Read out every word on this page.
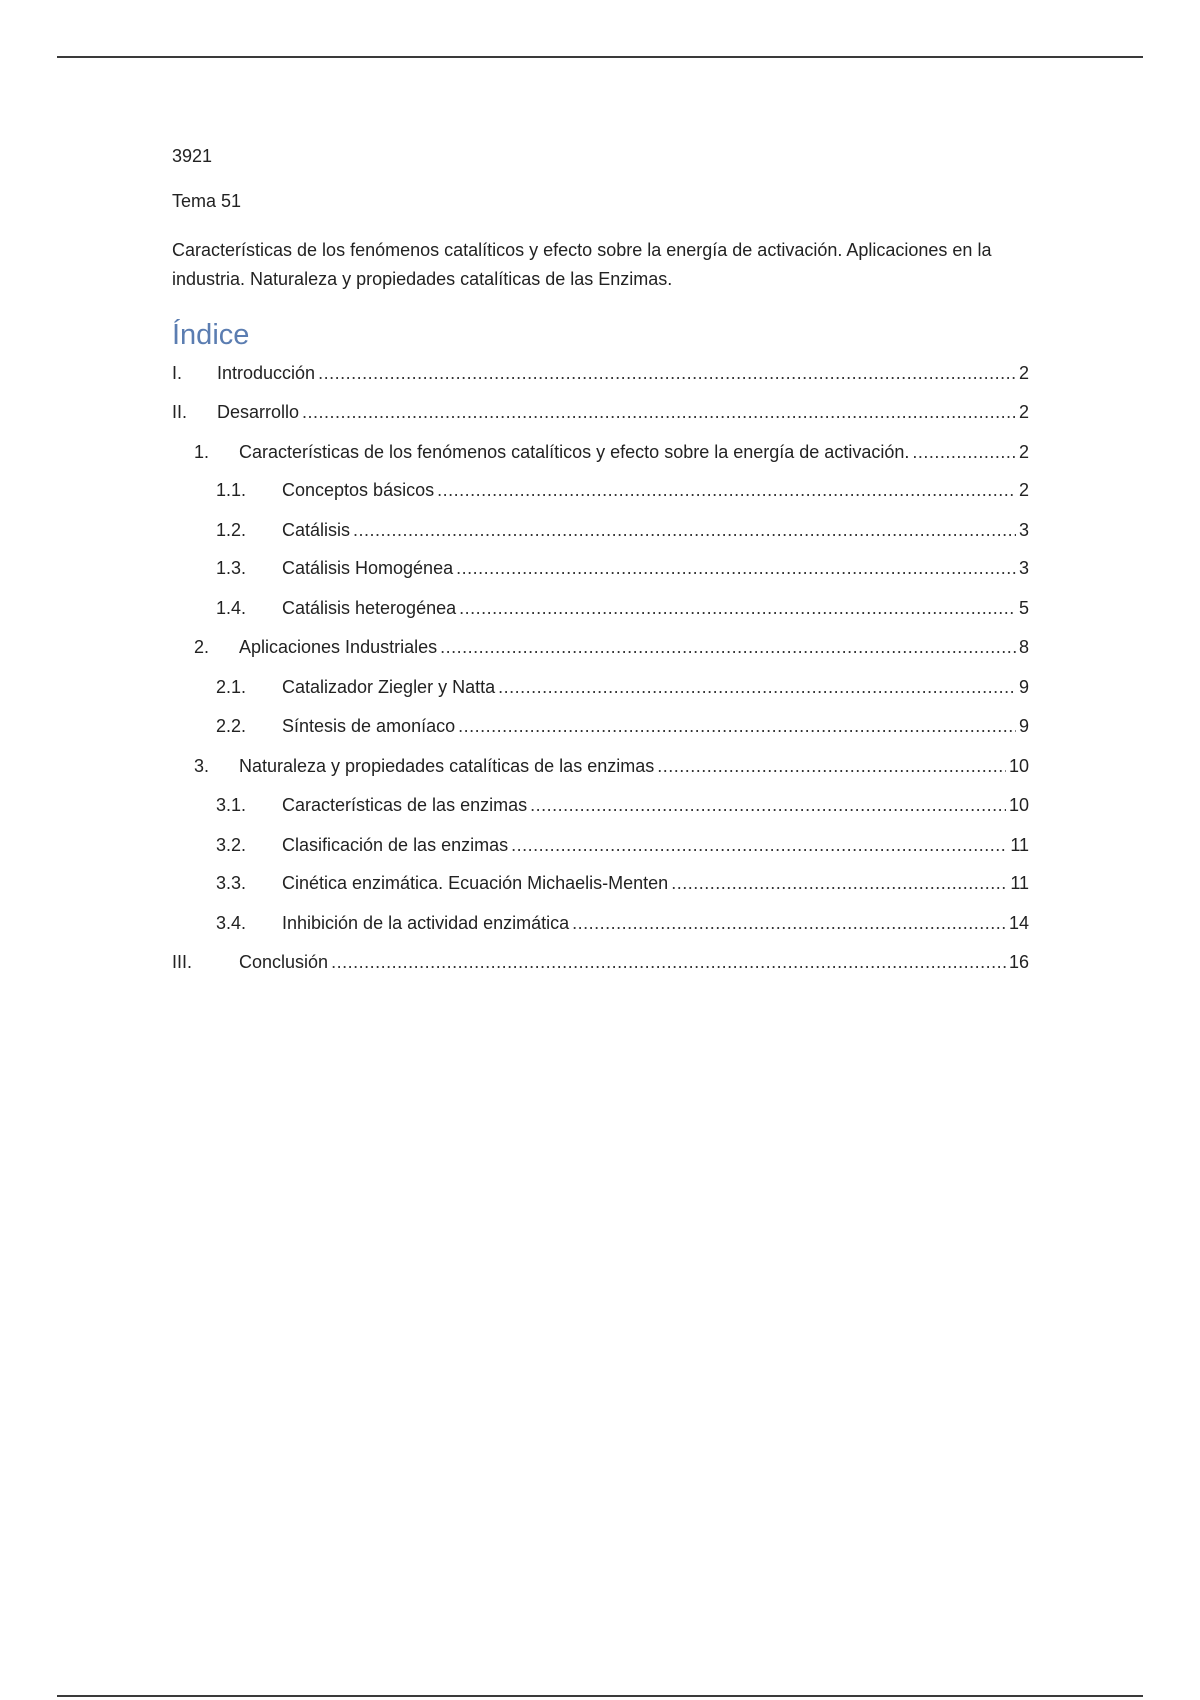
3921
Tema 51
Características de los fenómenos catalíticos y efecto sobre la energía de activación. Aplicaciones en la industria. Naturaleza y propiedades catalíticas de las Enzimas.
Índice
I.	Introducción .....	2
II.	Desarrollo .....	2
1.	Características de los fenómenos catalíticos y efecto sobre la energía de activación. .....	2
1.1.	Conceptos básicos .....	2
1.2.	Catálisis .....	3
1.3.	Catálisis Homogénea .....	3
1.4.	Catálisis heterogénea .....	5
2.	Aplicaciones Industriales .....	8
2.1.	Catalizador Ziegler y Natta .....	9
2.2.	Síntesis de amoníaco .....	9
3.	Naturaleza y propiedades catalíticas de las enzimas .....	10
3.1.	Características de las enzimas .....	10
3.2.	Clasificación de las enzimas .....	11
3.3.	Cinética enzimática. Ecuación Michaelis-Menten .....	11
3.4.	Inhibición de la actividad enzimática .....	14
III.	Conclusión .....	16
